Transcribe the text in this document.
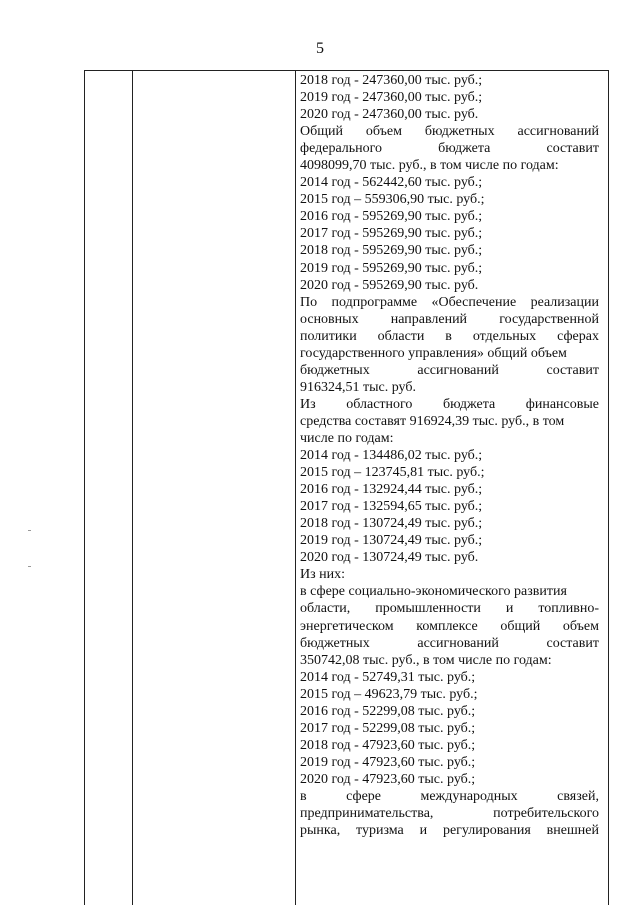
5
2018 год - 247360,00 тыс. руб.;
2019 год - 247360,00 тыс. руб.;
2020 год - 247360,00 тыс. руб.
Общий объем бюджетных ассигнований
федерального	бюджета	составит
4098099,70 тыс. руб., в том числе по годам:
2014 год - 562442,60 тыс. руб.;
2015 год – 559306,90 тыс. руб.;
2016 год - 595269,90 тыс. руб.;
2017 год - 595269,90 тыс. руб.;
2018 год - 595269,90 тыс. руб.;
2019 год - 595269,90 тыс. руб.;
2020 год - 595269,90 тыс. руб.
По подпрограмме «Обеспечение реализации
основных направлений государственной
политики области в отдельных сферах
государственного управления» общий объем
бюджетных	ассигнований	составит
916324,51 тыс. руб.
Из областного бюджета финансовые
средства составят 916924,39 тыс. руб., в том
числе по годам:
2014 год - 134486,02 тыс. руб.;
2015 год – 123745,81 тыс. руб.;
2016 год - 132924,44 тыс. руб.;
2017 год - 132594,65 тыс. руб.;
2018 год - 130724,49 тыс. руб.;
2019 год - 130724,49 тыс. руб.;
2020 год - 130724,49 тыс. руб.
Из них:
в сфере социально-экономического развития
области, промышленности и топливно-
энергетическом комплексе общий объем
бюджетных	ассигнований	составит
350742,08 тыс. руб., в том числе по годам:
2014 год - 52749,31 тыс. руб.;
2015 год – 49623,79 тыс. руб.;
2016 год - 52299,08 тыс. руб.;
2017 год - 52299,08 тыс. руб.;
2018 год - 47923,60 тыс. руб.;
2019 год - 47923,60 тыс. руб.;
2020 год - 47923,60 тыс. руб.;
в	сфере	международных	связей,
предпринимательства,	потребительского
рынка, туризма и регулирования внешней
